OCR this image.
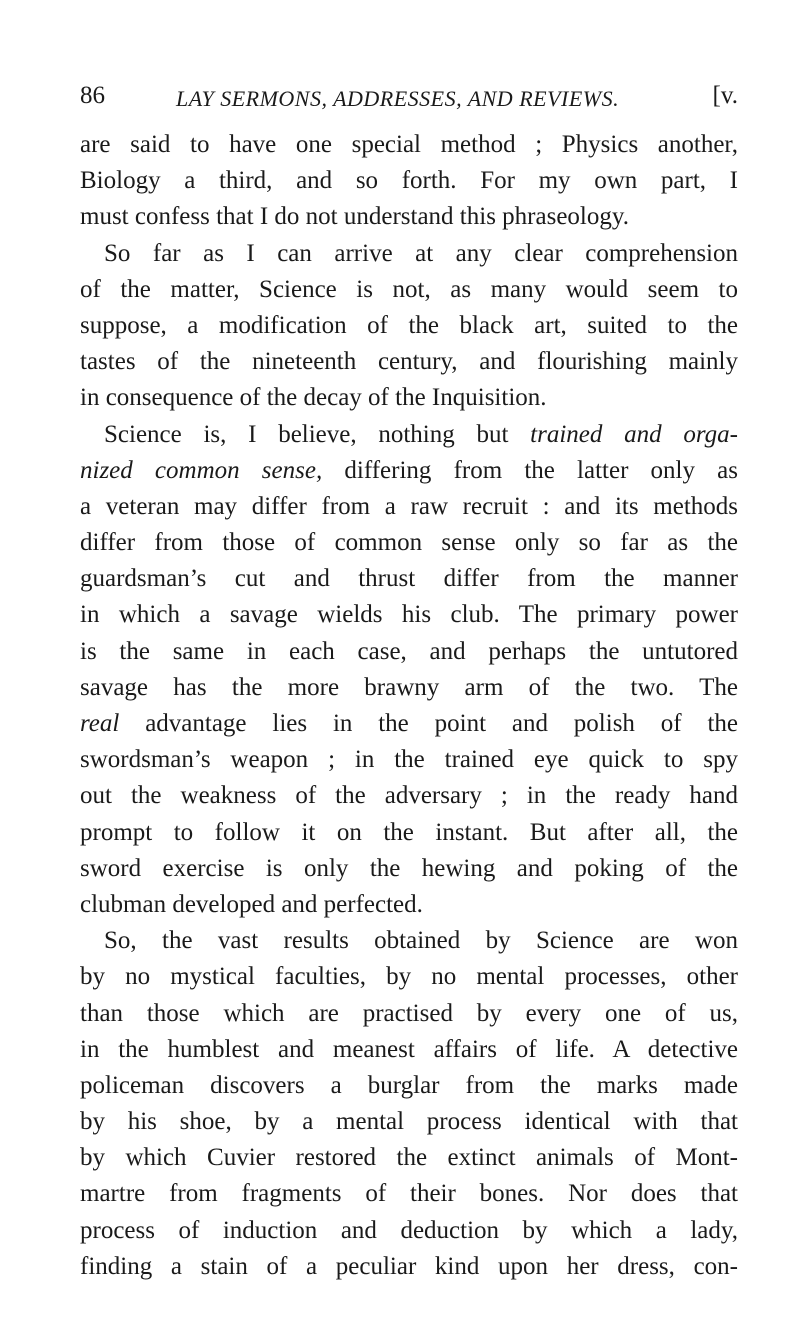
86	LAY SERMONS, ADDRESSES, AND REVIEWS.	[v.
are said to have one special method ; Physics another,
Biology a third, and so forth. For my own part, I
must confess that I do not understand this phraseology.
So far as I can arrive at any clear comprehension
of the matter, Science is not, as many would seem to
suppose, a modification of the black art, suited to the
tastes of the nineteenth century, and flourishing mainly
in consequence of the decay of the Inquisition.
Science is, I believe, nothing but trained and orga-
nized common sense, differing from the latter only as
a veteran may differ from a raw recruit : and its methods
differ from those of common sense only so far as the
guardsman’s cut and thrust differ from the manner
in which a savage wields his club. The primary power
is the same in each case, and perhaps the untutored
savage has the more brawny arm of the two. The
real advantage lies in the point and polish of the
swordsman’s weapon ; in the trained eye quick to spy
out the weakness of the adversary ; in the ready hand
prompt to follow it on the instant. But after all, the
sword exercise is only the hewing and poking of the
clubman developed and perfected.
So, the vast results obtained by Science are won
by no mystical faculties, by no mental processes, other
than those which are practised by every one of us,
in the humblest and meanest affairs of life. A detective
policeman discovers a burglar from the marks made
by his shoe, by a mental process identical with that
by which Cuvier restored the extinct animals of Mont-
martre from fragments of their bones. Nor does that
process of induction and deduction by which a lady,
finding a stain of a peculiar kind upon her dress, con-
